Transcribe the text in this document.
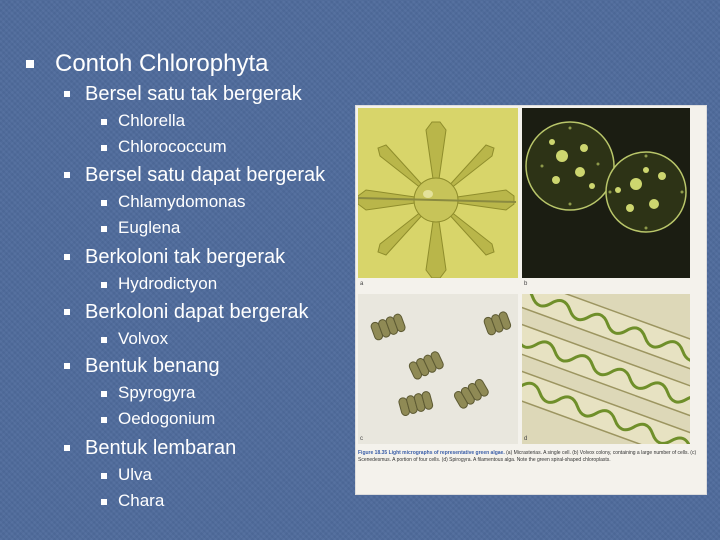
Contoh Chlorophyta
Bersel satu tak bergerak
Chlorella
Chlorococcum
Bersel satu dapat bergerak
Chlamydomonas
Euglena
Berkoloni tak bergerak
Hydrodictyon
Berkoloni dapat bergerak
Volvox
Bentuk benang
Spyrogyra
Oedogonium
Bentuk lembaran
Ulva
Chara
a	b
c	d
Figure 18.35 Light micrographs of representative green algae. (a) Micrasterias. A single cell. (b) Volvox colony, containing a large number of cells. (c) Scenedesmus. A portion of four cells. (d) Spirogyra. A filamentous alga. Note the green spiral-shaped chloroplasts.
